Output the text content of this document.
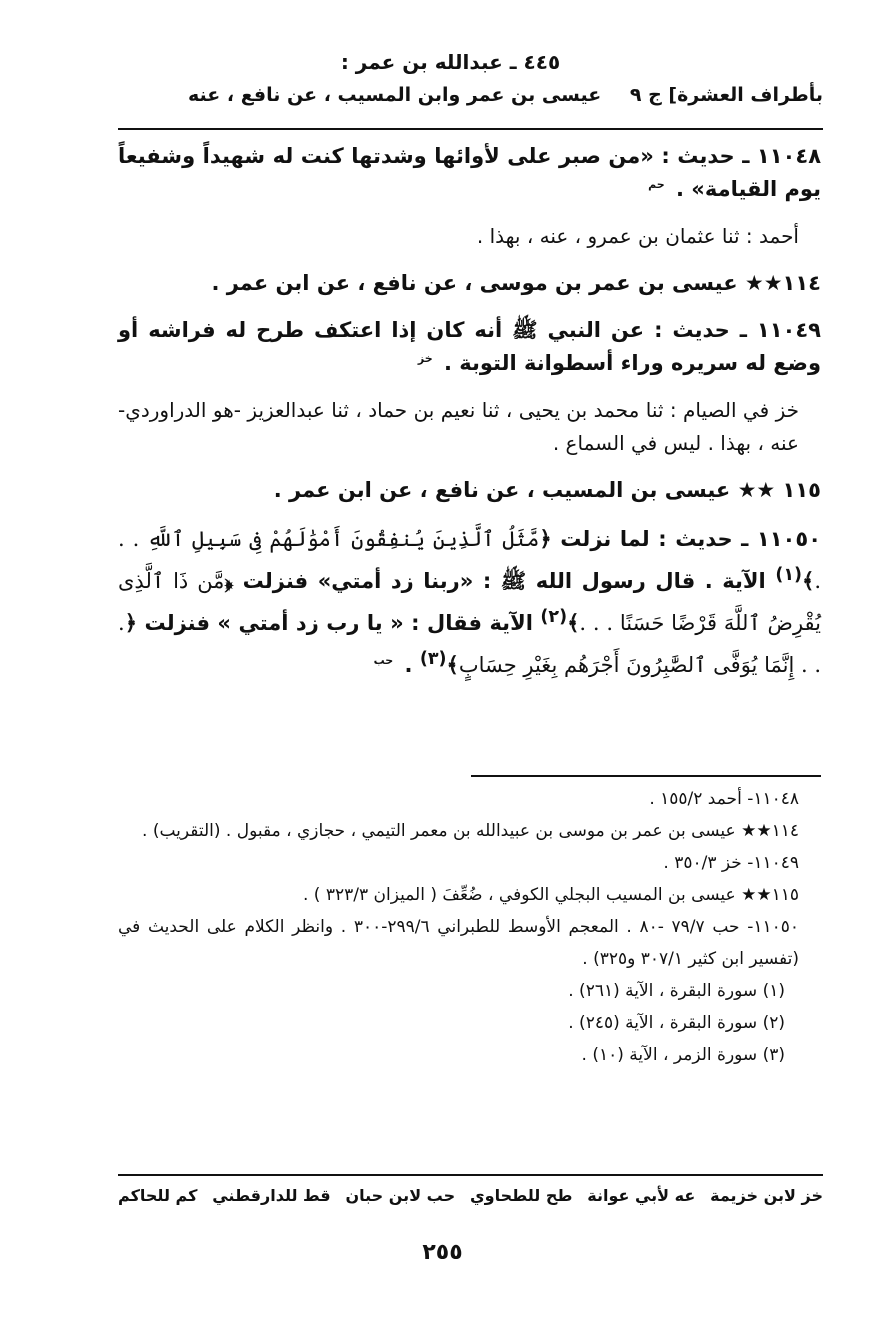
٤٤٥ ـ عبدالله بن عمر :
بأطراف العشرة] ج ٩
عيسى بن عمر وابن المسيب ، عن نافع ، عنه

١١٠٤٨ ـ حديث : «من صبر على لأوائها وشدتها كنت له شهيداً وشفيعاً يوم القيامة» . $^{حم}$

أحمد : ثنا عثمان بن عمرو ، عنه ، بهذا .

١١٤★★ عيسى بن عمر بن موسى ، عن نافع ، عن ابن عمر .

١١٠٤٩ ـ حديث : عن النبي ﷺ أنه كان إذا اعتكف طرح له فراشه أو وضع له سريره وراء أسطوانة التوبة . $^{خز}$

خز في الصيام : ثنا محمد بن يحيى ، ثنا نعيم بن حماد ، ثنا عبدالعزيز -هو الدراوردي- عنه ، بهذا . ليس في السماع .

١١٥ ★★ عيسى بن المسيب ، عن نافع ، عن ابن عمر .

١١٠٥٠ ـ حديث : لما نزلت ﴿مَّثَلُ ٱلَّذِينَ يُنفِقُونَ أَمْوَٰلَهُمْ فِى سَبِيلِ ٱللَّهِ . . .﴾$^{(١)}$ الآية . قال رسول الله ﷺ : «ربنا زد أمتي» فنزلت ﴿مَّن ذَا ٱلَّذِى يُقْرِضُ ٱللَّهَ قَرْضًا حَسَنًا . . .﴾$^{(٢)}$ الآية فقال : « يا رب زد أمتي » فنزلت ﴿. . . إِنَّمَا يُوَفَّى ٱلصَّٰبِرُونَ أَجْرَهُم بِغَيْرِ حِسَابٍ﴾$^{(٣)}$ . $^{حب}$

١١٠٤٨- أحمد ١٥٥/٢ .

١١٤★★ عيسى بن عمر بن موسى بن عبيدالله بن معمر التيمي ، حجازي ، مقبول . (التقريب) .

١١٠٤٩- خز ٣٥٠/٣ .

١١٥★★ عيسى بن المسيب البجلي الكوفي ، ضُعِّفَ ( الميزان ٣٢٣/٣ ) .

١١٠٥٠- حب ٧٩/٧ -٨٠ . المعجم الأوسط للطبراني ٢٩٩/٦-٣٠٠ . وانظر الكلام على الحديث في (تفسير ابن كثير ٣٠٧/١ و٣٢٥) .

(١) سورة البقرة ، الآية (٢٦١) .

(٢) سورة البقرة ، الآية (٢٤٥) .

(٣) سورة الزمر ، الآية (١٠) .

خز لابن خزيمة
عه لأبي عوانة
طح للطحاوي
حب لابن حبان
قط للدارقطني
كم للحاكم
٢٥٥
